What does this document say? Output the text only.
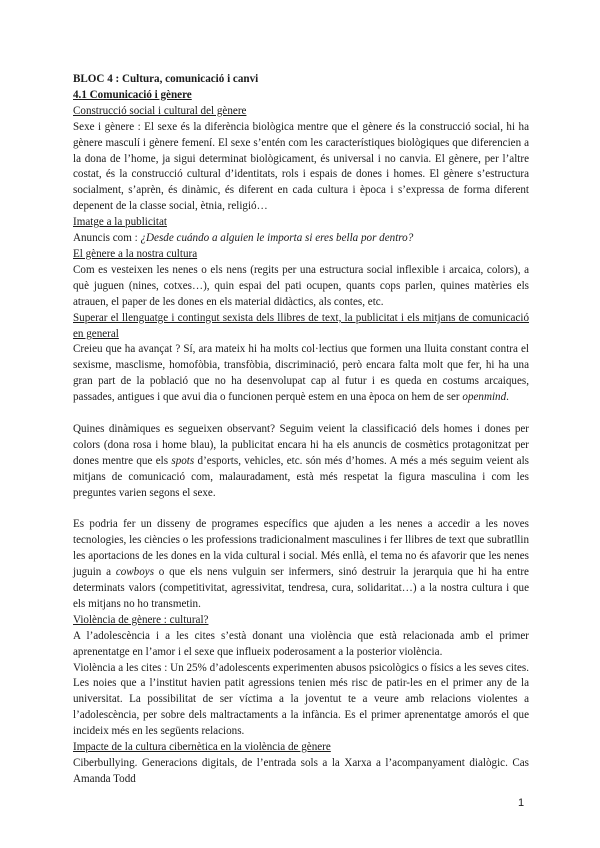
BLOC 4 : Cultura, comunicació i canvi

4.1 Comunicació i gènere

Construcció social i cultural del gènere

Sexe i gènere : El sexe és la diferència biològica mentre que el gènere és la construcció social, hi ha gènere masculí i gènere femení. El sexe s’entén com les característiques biològiques que diferencien a la dona de l’home, ja sigui determinat biològicament, és universal i no canvia. El gènere, per l’altre costat, és la construcció cultural d’identitats, rols i espais de dones i homes. El gènere s’estructura socialment, s’aprèn, és dinàmic, és diferent en cada cultura i època i s’expressa de forma diferent depenent de la classe social, ètnia, religió…

Imatge a la publicitat

Anuncis com : ¿Desde cuándo a alguien le importa si eres bella por dentro?

El gènere a la nostra cultura

Com es vesteixen les nenes o els nens (regits per una estructura social inflexible i arcaica, colors), a què juguen (nines, cotxes…), quin espai del pati ocupen, quants cops parlen, quines matèries els atrauen, el paper de les dones en els material didàctics, als contes, etc.

Superar el llenguatge i contingut sexista dels llibres de text, la publicitat i els mitjans de comunicació en general

Creieu que ha avançat ? Sí, ara mateix hi ha molts col·lectius que formen una lluita constant contra el sexisme, masclisme, homofòbia, transfòbia, discriminació, però encara falta molt que fer, hi ha una gran part de la població que no ha desenvolupat cap al futur i es queda en costums arcaiques, passades, antigues i que avui dia o funcionen perquè estem en una època on hem de ser openmind.

Quines dinàmiques es segueixen observant? Seguim veient la classificació dels homes i dones per colors (dona rosa i home blau), la publicitat encara hi ha els anuncis de cosmètics protagonitzat per dones mentre que els spots d’esports, vehicles, etc. són més d’homes. A més a més seguim veient als mitjans de comunicació com, malauradament, està més respetat la figura masculina i com les preguntes varien segons el sexe.

Es podria fer un disseny de programes específics que ajuden a les nenes a accedir a les noves tecnologies, les ciències o les professions tradicionalment masculines i fer llibres de text que subratllin les aportacions de les dones en la vida cultural i social. Més enllà, el tema no és afavorir que les nenes juguin a cowboys o que els nens vulguin ser infermers, sinó destruir la jerarquia que hi ha entre determinats valors (competitivitat, agressivitat, tendresa, cura, solidaritat…) a la nostra cultura i que els mitjans no ho transmetin.

Violència de gènere : cultural?

A l’adolescència i a les cites s’està donant una violència que està relacionada amb el primer aprenentatge en l’amor i el sexe que influeix poderosament a la posterior violència.

Violència a les cites : Un 25% d’adolescents experimenten abusos psicològics o físics a les seves cites. Les noies que a l’institut havien patit agressions tenien més risc de patir-les en el primer any de la universitat. La possibilitat de ser víctima a la joventut te a veure amb relacions violentes a l’adolescència, per sobre dels maltractaments a la infància. Es el primer aprenentatge amorós el que incideix més en les següents relacions.

Impacte de la cultura cibernètica en la violència de gènere

Ciberbullying. Generacions digitals, de l’entrada sols a la Xarxa a l’acompanyament dialògic. Cas Amanda Todd

1
